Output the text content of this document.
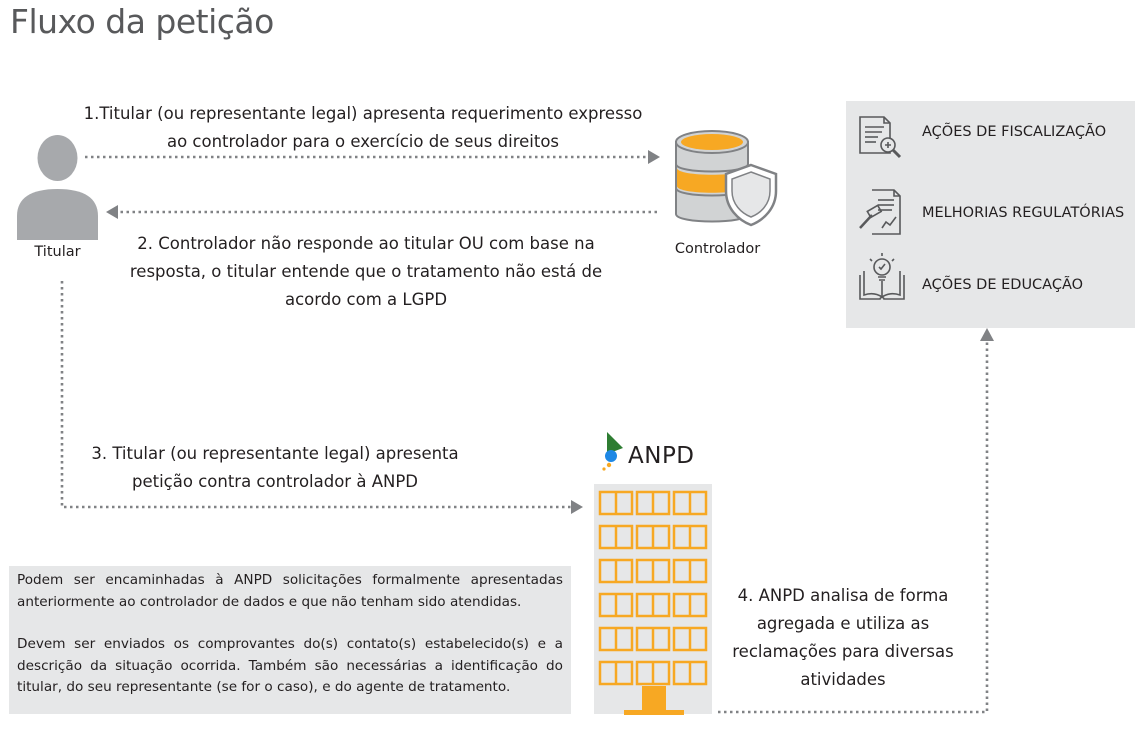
Fluxo da petição
Titular	Controlador
1.Titular (ou representante legal) apresenta requerimento expresso
ao controlador para o exercício de seus direitos
2. Controlador não responde ao titular OU com base na
resposta, o titular entende que o tratamento não está de
acordo com a LGPD
3. Titular (ou representante legal) apresenta
petição contra controlador à ANPD
4. ANPD analisa de forma
agregada e utiliza as
reclamações para diversas
atividades
ANPD
AÇÕES DE FISCALIZAÇÃO
MELHORIAS REGULATÓRIAS
AÇÕES DE EDUCAÇÃO

Podem ser encaminhadas à ANPD solicitações formalmente apresentadas anteriormente ao controlador de dados e que não tenham sido atendidas.

Devem ser enviados os comprovantes do(s) contato(s) estabelecido(s) e a descrição da situação ocorrida. Também são necessárias a identificação do titular, do seu representante (se for o caso), e do agente de tratamento.
